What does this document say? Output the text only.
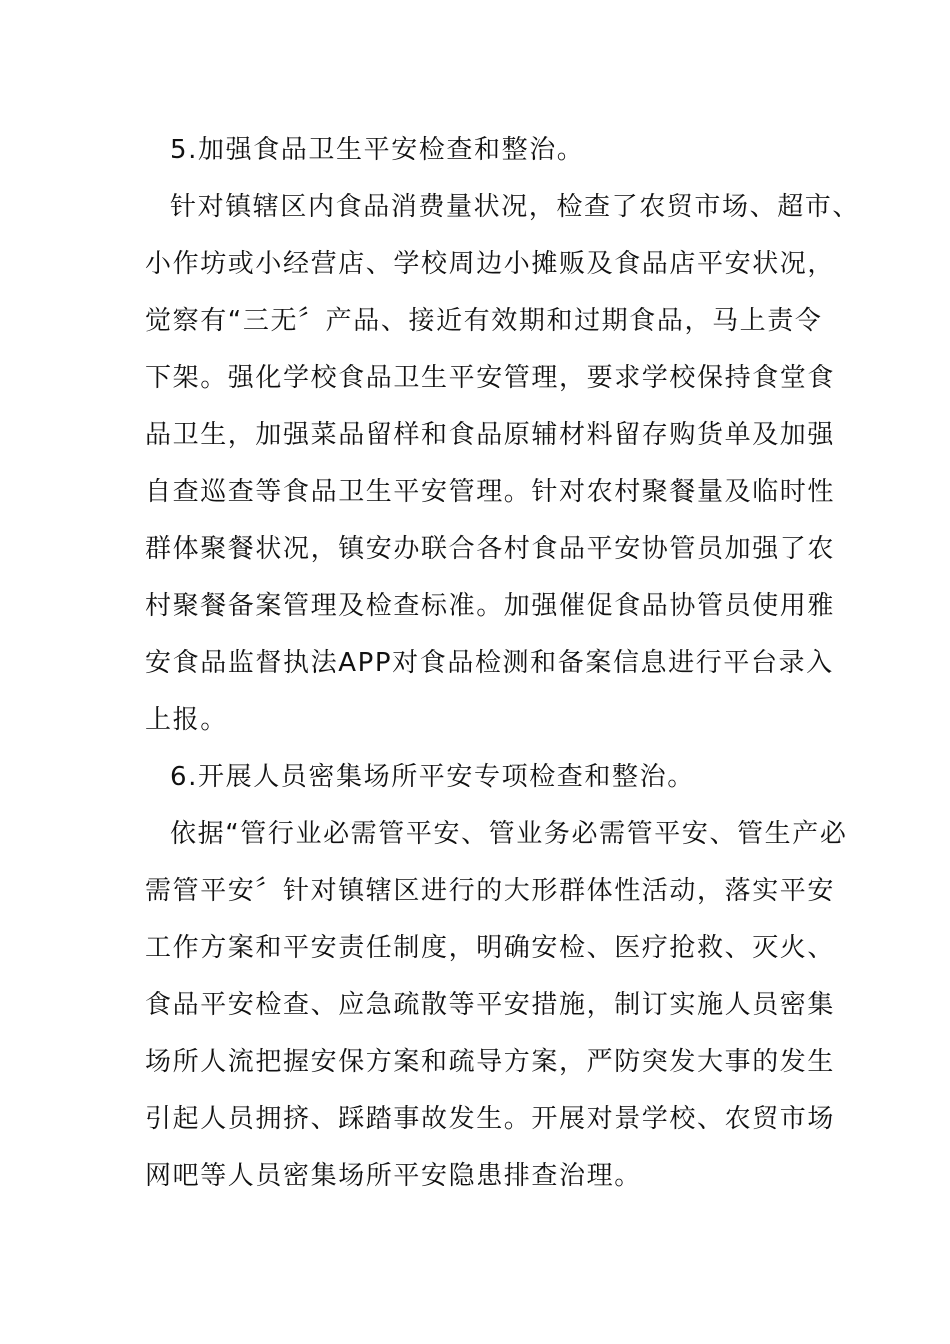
5.加强食品卫生平安检查和整治。
针对镇辖区内食品消费量状况，检查了农贸市场、超市、
小作坊或小经营店、学校周边小摊贩及食品店平安状况，
觉察有“三无〞产品、接近有效期和过期食品，马上责令
下架。强化学校食品卫生平安管理，要求学校保持食堂食
品卫生，加强菜品留样和食品原辅材料留存购货单及加强
自查巡查等食品卫生平安管理。针对农村聚餐量及临时性
群体聚餐状况，镇安办联合各村食品平安协管员加强了农
村聚餐备案管理及检查标准。加强催促食品协管员使用雅
安食品监督执法APP对食品检测和备案信息进行平台录入
上报。
6.开展人员密集场所平安专项检查和整治。
依据“管行业必需管平安、管业务必需管平安、管生产必
需管平安〞针对镇辖区进行的大形群体性活动，落实平安
工作方案和平安责任制度，明确安检、医疗抢救、灭火、
食品平安检查、应急疏散等平安措施，制订实施人员密集
场所人流把握安保方案和疏导方案，严防突发大事的发生
引起人员拥挤、踩踏事故发生。开展对景学校、农贸市场
网吧等人员密集场所平安隐患排查治理。
